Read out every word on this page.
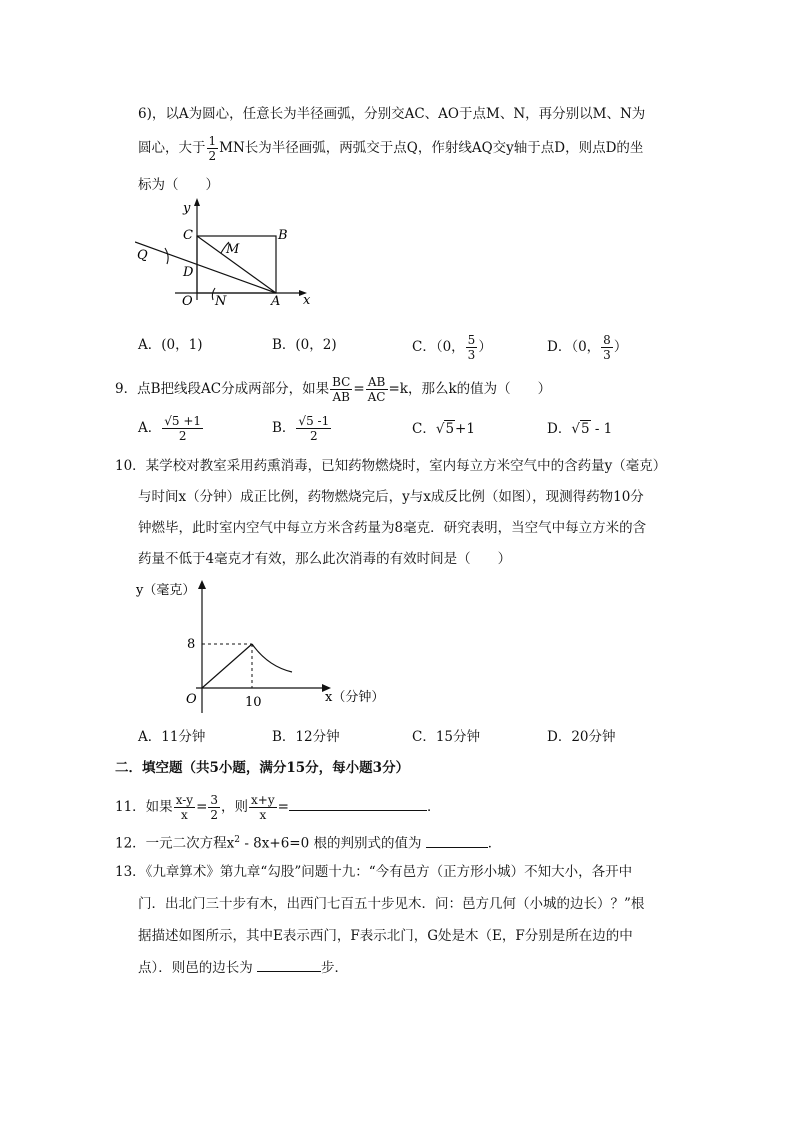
6)，以A为圆心，任意长为半径画弧，分别交AC、AO于点M、N，再分别以M、N为
圆心，大于 $\frac{1}{2}$ MN长为半径画弧，两弧交于点Q，作射线AQ交y轴于点D，则点D的坐
标为（　　）
y
x
C	B
M
Q
D
O N	A
A．(0，1)	B．(0，2)	C．（0， $\frac{5}{3}$ ）	D．（0， $\frac{8}{3}$ ）
9．点B把线段AC分成两部分，如果 $\frac{BC}{AB} = \frac{AB}{AC} =k$，那么k的值为（　　）
A． $\frac{√5 +1}{2}$	B． $\frac{√5 -1}{2}$	C．√5+1	D．√5 - 1
10．某学校对教室采用药熏消毒，已知药物燃烧时，室内每立方米空气中的含药量y（毫克）
与时间x（分钟）成正比例，药物燃烧完后，y与x成反比例（如图），现测得药物10分
钟燃毕，此时室内空气中每立方米含药量为8毫克．研究表明，当空气中每立方米的含
药量不低于4毫克才有效，那么此次消毒的有效时间是（　　）
y（毫克）
x（分钟）
O
8
10
A．11分钟	B．12分钟	C．15分钟	D．20分钟
二．填空题（共5小题，满分15分，每小题3分）
11．如果 $\frac{x-y}{x} = \frac{3}{2}$ ，则 $\frac{x+y}{x}$ =	．
12．一元二次方程$x^2 - 8x+6=0$ 根的判别式的值为	．
13．《九章算术》第九章“勾股”问题十九：“今有邑方（正方形小城）不知大小，各开中
门．出北门三十步有木，出西门七百五十步见木．问：邑方几何（小城的边长）？”根
据描述如图所示，其中E表示西门，F表示北门，G处是木（E，F分别是所在边的中
点）．则邑的边长为	步．
